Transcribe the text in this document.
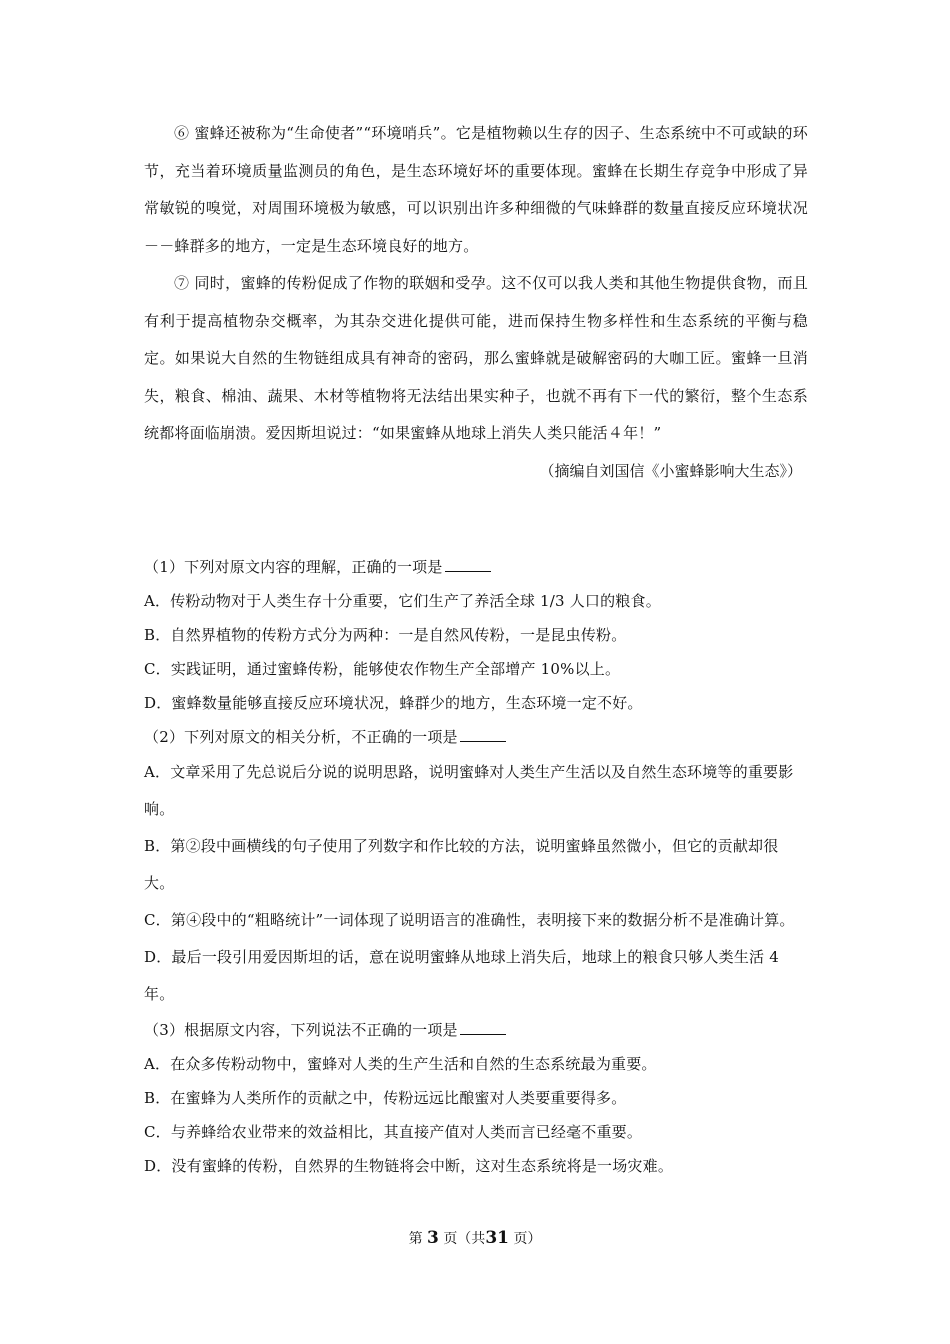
⑥ 蜜蜂还被称为“生命使者”“环境哨兵”。它是植物赖以生存的因子、生态系统中不可或缺的环节，充当着环境质量监测员的角色，是生态环境好坏的重要体现。蜜蜂在长期生存竞争中形成了异常敏锐的嗅觉，对周围环境极为敏感，可以识别出许多种细微的气味蜂群的数量直接反应环境状况－－蜂群多的地方，一定是生态环境良好的地方。

⑦ 同时，蜜蜂的传粉促成了作物的联姻和受孕。这不仅可以我人类和其他生物提供食物，而且有利于提高植物杂交概率，为其杂交进化提供可能，进而保持生物多样性和生态系统的平衡与稳定。如果说大自然的生物链组成具有神奇的密码，那么蜜蜂就是破解密码的大咖工匠。蜜蜂一旦消失，粮食、棉油、蔬果、木材等植物将无法结出果实种子，也就不再有下一代的繁衍，整个生态系统都将面临崩溃。爱因斯坦说过：“如果蜜蜂从地球上消失人类只能活４年！”

（摘编自刘国信《小蜜蜂影响大生态》）

（1）下列对原文内容的理解，正确的一项是

A．传粉动物对于人类生存十分重要，它们生产了养活全球 1/3 人口的粮食。

B．自然界植物的传粉方式分为两种：一是自然风传粉，一是昆虫传粉。

C．实践证明，通过蜜蜂传粉，能够使农作物生产全部增产 10%以上。

D．蜜蜂数量能够直接反应环境状况，蜂群少的地方，生态环境一定不好。

（2）下列对原文的相关分析，不正确的一项是

A．文章采用了先总说后分说的说明思路，说明蜜蜂对人类生产生活以及自然生态环境等的重要影响。

B．第②段中画横线的句子使用了列数字和作比较的方法，说明蜜蜂虽然微小，但它的贡献却很大。

C．第④段中的“粗略统计”一词体现了说明语言的准确性，表明接下来的数据分析不是准确计算。

D．最后一段引用爱因斯坦的话，意在说明蜜蜂从地球上消失后，地球上的粮食只够人类生活 4 年。

（3）根据原文内容，下列说法不正确的一项是

A．在众多传粉动物中，蜜蜂对人类的生产生活和自然的生态系统最为重要。

B．在蜜蜂为人类所作的贡献之中，传粉远远比酿蜜对人类要重要得多。

C．与养蜂给农业带来的效益相比，其直接产值对人类而言已经毫不重要。

D．没有蜜蜂的传粉，自然界的生物链将会中断，这对生态系统将是一场灾难。

第 3 页（共31 页）
